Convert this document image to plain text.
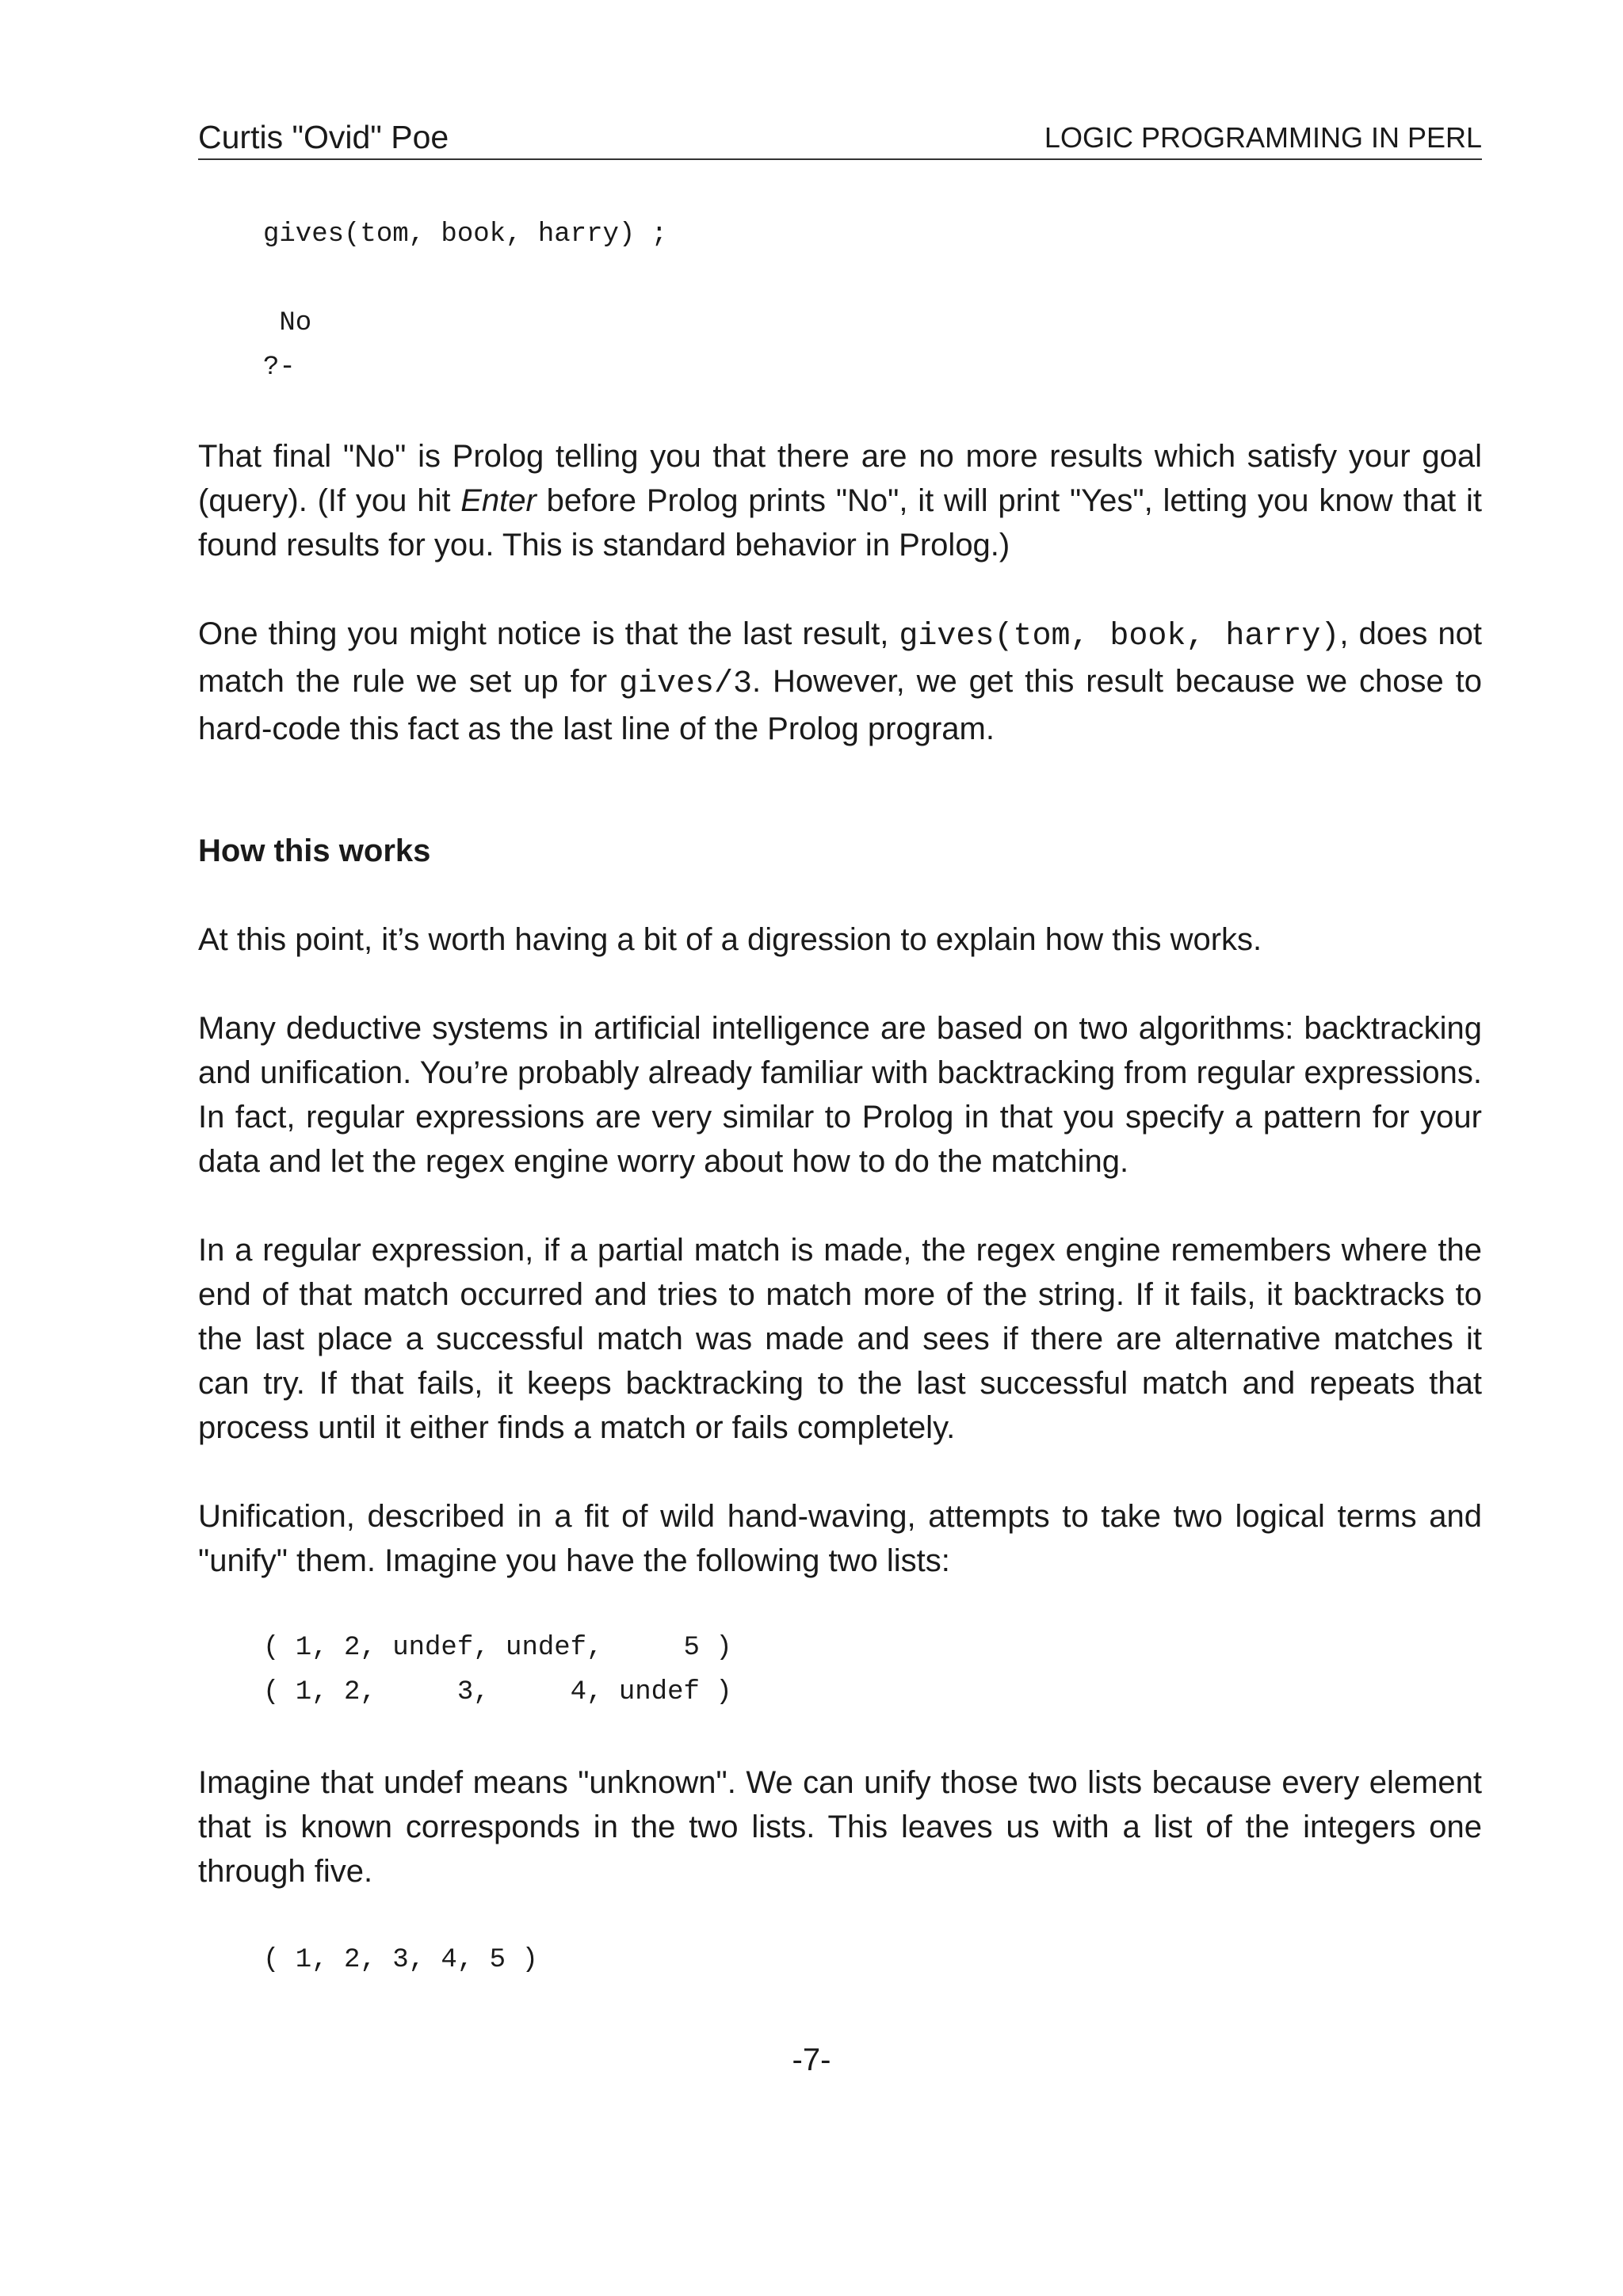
Curtis "Ovid" Poe	LOGIC PROGRAMMING IN PERL
gives(tom, book, harry) ;

No
?-

That final "No" is Prolog telling you that there are no more results which satisfy your goal (query). (If you hit Enter before Prolog prints "No", it will print "Yes", letting you know that it found results for you. This is standard behavior in Prolog.)

One thing you might notice is that the last result, gives(tom, book, harry), does not match the rule we set up for gives/3. However, we get this result because we chose to hard-code this fact as the last line of the Prolog program.

How this works

At this point, it’s worth having a bit of a digression to explain how this works.

Many deductive systems in artificial intelligence are based on two algorithms: backtracking and unification. You’re probably already familiar with backtracking from regular expressions. In fact, regular expressions are very similar to Prolog in that you specify a pattern for your data and let the regex engine worry about how to do the matching.

In a regular expression, if a partial match is made, the regex engine remembers where the end of that match occurred and tries to match more of the string. If it fails, it backtracks to the last place a successful match was made and sees if there are alternative matches it can try. If that fails, it keeps backtracking to the last successful match and repeats that process until it either finds a match or fails completely.

Unification, described in a fit of wild hand-waving, attempts to take two logical terms and "unify" them. Imagine you have the following two lists:

( 1, 2, undef, undef,     5 )
( 1, 2,     3,     4, undef )

Imagine that undef means "unknown". We can unify those two lists because every element that is known corresponds in the two lists. This leaves us with a list of the integers one through five.

( 1, 2, 3, 4, 5 )
-7-
